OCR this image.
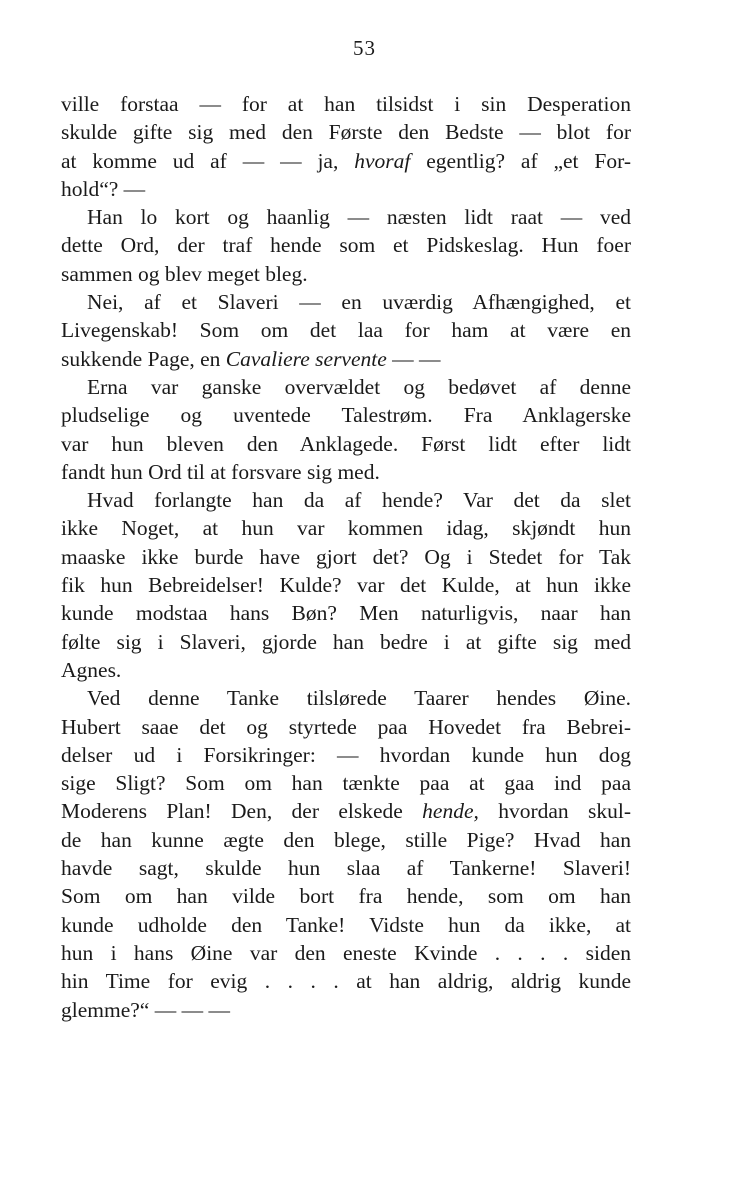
53
ville forstaa — for at han tilsidst i sin Desperation
skulde gifte sig med den Første den Bedste — blot for
at komme ud af — — ja, hvoraf egentlig? af „et For-
hold“? —
Han lo kort og haanlig — næsten lidt raat — ved
dette Ord, der traf hende som et Pidskeslag. Hun foer
sammen og blev meget bleg.
Nei, af et Slaveri — en uværdig Afhængighed, et
Livegenskab! Som om det laa for ham at være en
sukkende Page, en Cavaliere servente — —
Erna var ganske overvældet og bedøvet af denne
pludselige og uventede Talestrøm. Fra Anklagerske
var hun bleven den Anklagede. Først lidt efter lidt
fandt hun Ord til at forsvare sig med.
Hvad forlangte han da af hende? Var det da slet
ikke Noget, at hun var kommen idag, skjøndt hun
maaske ikke burde have gjort det? Og i Stedet for Tak
fik hun Bebreidelser! Kulde? var det Kulde, at hun ikke
kunde modstaa hans Bøn? Men naturligvis, naar han
følte sig i Slaveri, gjorde han bedre i at gifte sig med
Agnes.
Ved denne Tanke tilslørede Taarer hendes Øine.
Hubert saae det og styrtede paa Hovedet fra Bebrei-
delser ud i Forsikringer: — hvordan kunde hun dog
sige Sligt? Som om han tænkte paa at gaa ind paa
Moderens Plan! Den, der elskede hende, hvordan skul-
de han kunne ægte den blege, stille Pige? Hvad han
havde sagt, skulde hun slaa af Tankerne! Slaveri!
Som om han vilde bort fra hende, som om han
kunde udholde den Tanke! Vidste hun da ikke, at
hun i hans Øine var den eneste Kvinde . . . . siden
hin Time for evig . . . . at han aldrig, aldrig kunde
glemme?“ — — —
